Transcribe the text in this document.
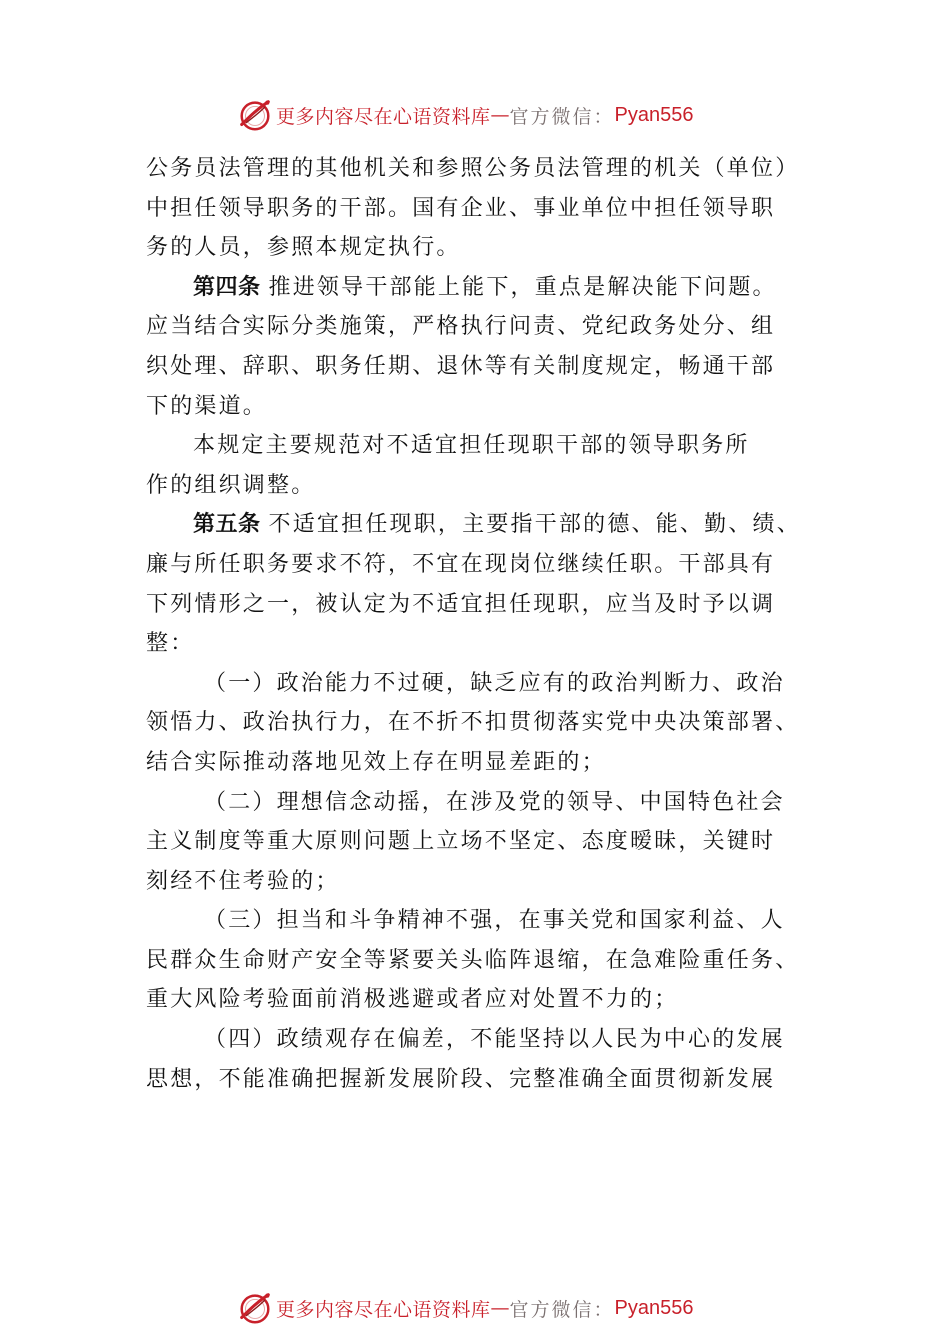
更多内容尽在心语资料库 — 官方微信： Pyan556
公务员法管理的其他机关和参照公务员法管理的机关（单位）
中担任领导职务的干部。国有企业、事业单位中担任领导职
务的人员，参照本规定执行。
第四条 推进领导干部能上能下，重点是解决能下问题。
应当结合实际分类施策，严格执行问责、党纪政务处分、组
织处理、辞职、职务任期、退休等有关制度规定，畅通干部
下的渠道。
本规定主要规范对不适宜担任现职干部的领导职务所
作的组织调整。
第五条 不适宜担任现职，主要指干部的德、能、勤、绩、
廉与所任职务要求不符，不宜在现岗位继续任职。干部具有
下列情形之一，被认定为不适宜担任现职，应当及时予以调
整：
（一）政治能力不过硬，缺乏应有的政治判断力、政治
领悟力、政治执行力，在不折不扣贯彻落实党中央决策部署、
结合实际推动落地见效上存在明显差距的；
（二）理想信念动摇，在涉及党的领导、中国特色社会
主义制度等重大原则问题上立场不坚定、态度暧昧，关键时
刻经不住考验的；
（三）担当和斗争精神不强，在事关党和国家利益、人
民群众生命财产安全等紧要关头临阵退缩，在急难险重任务、
重大风险考验面前消极逃避或者应对处置不力的；
（四）政绩观存在偏差，不能坚持以人民为中心的发展
思想，不能准确把握新发展阶段、完整准确全面贯彻新发展
更多内容尽在心语资料库 — 官方微信： Pyan556
